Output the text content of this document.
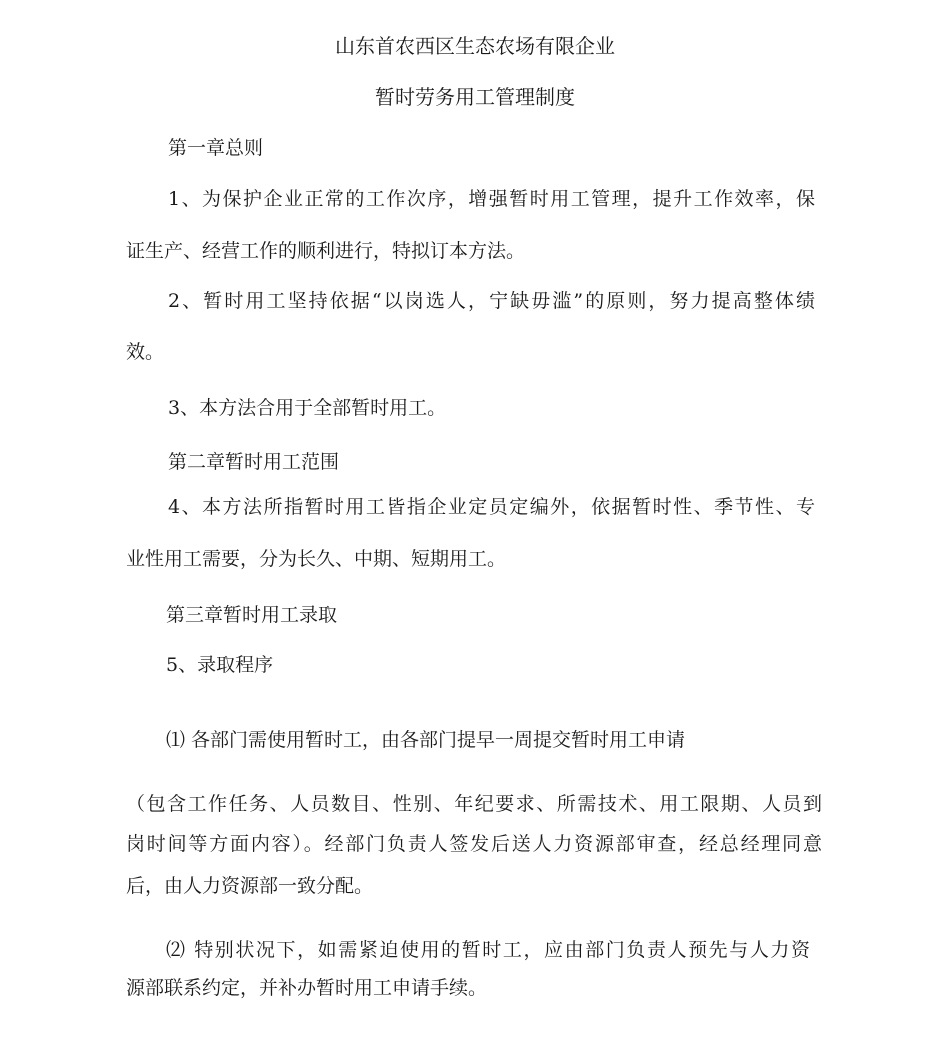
山东首农西区生态农场有限企业
暂时劳务用工管理制度
第一章总则
1、为保护企业正常的工作次序，增强暂时用工管理，提升工作效率，保
证生产、经营工作的顺利进行，特拟订本方法。
2、暂时用工坚持依据“以岗选人，宁缺毋滥”的原则，努力提高整体绩
效。
3、本方法合用于全部暂时用工。
第二章暂时用工范围
4、本方法所指暂时用工皆指企业定员定编外，依据暂时性、季节性、专
业性用工需要，分为长久、中期、短期用工。
第三章暂时用工录取
5、录取程序
⑴ 各部门需使用暂时工，由各部门提早一周提交暂时用工申请
（包含工作任务、人员数目、性别、年纪要求、所需技术、用工限期、人员到
岗时间等方面内容）。经部门负责人签发后送人力资源部审查，经总经理同意
后，由人力资源部一致分配。
⑵ 特别状况下，如需紧迫使用的暂时工，应由部门负责人预先与人力资
源部联系约定，并补办暂时用工申请手续。
